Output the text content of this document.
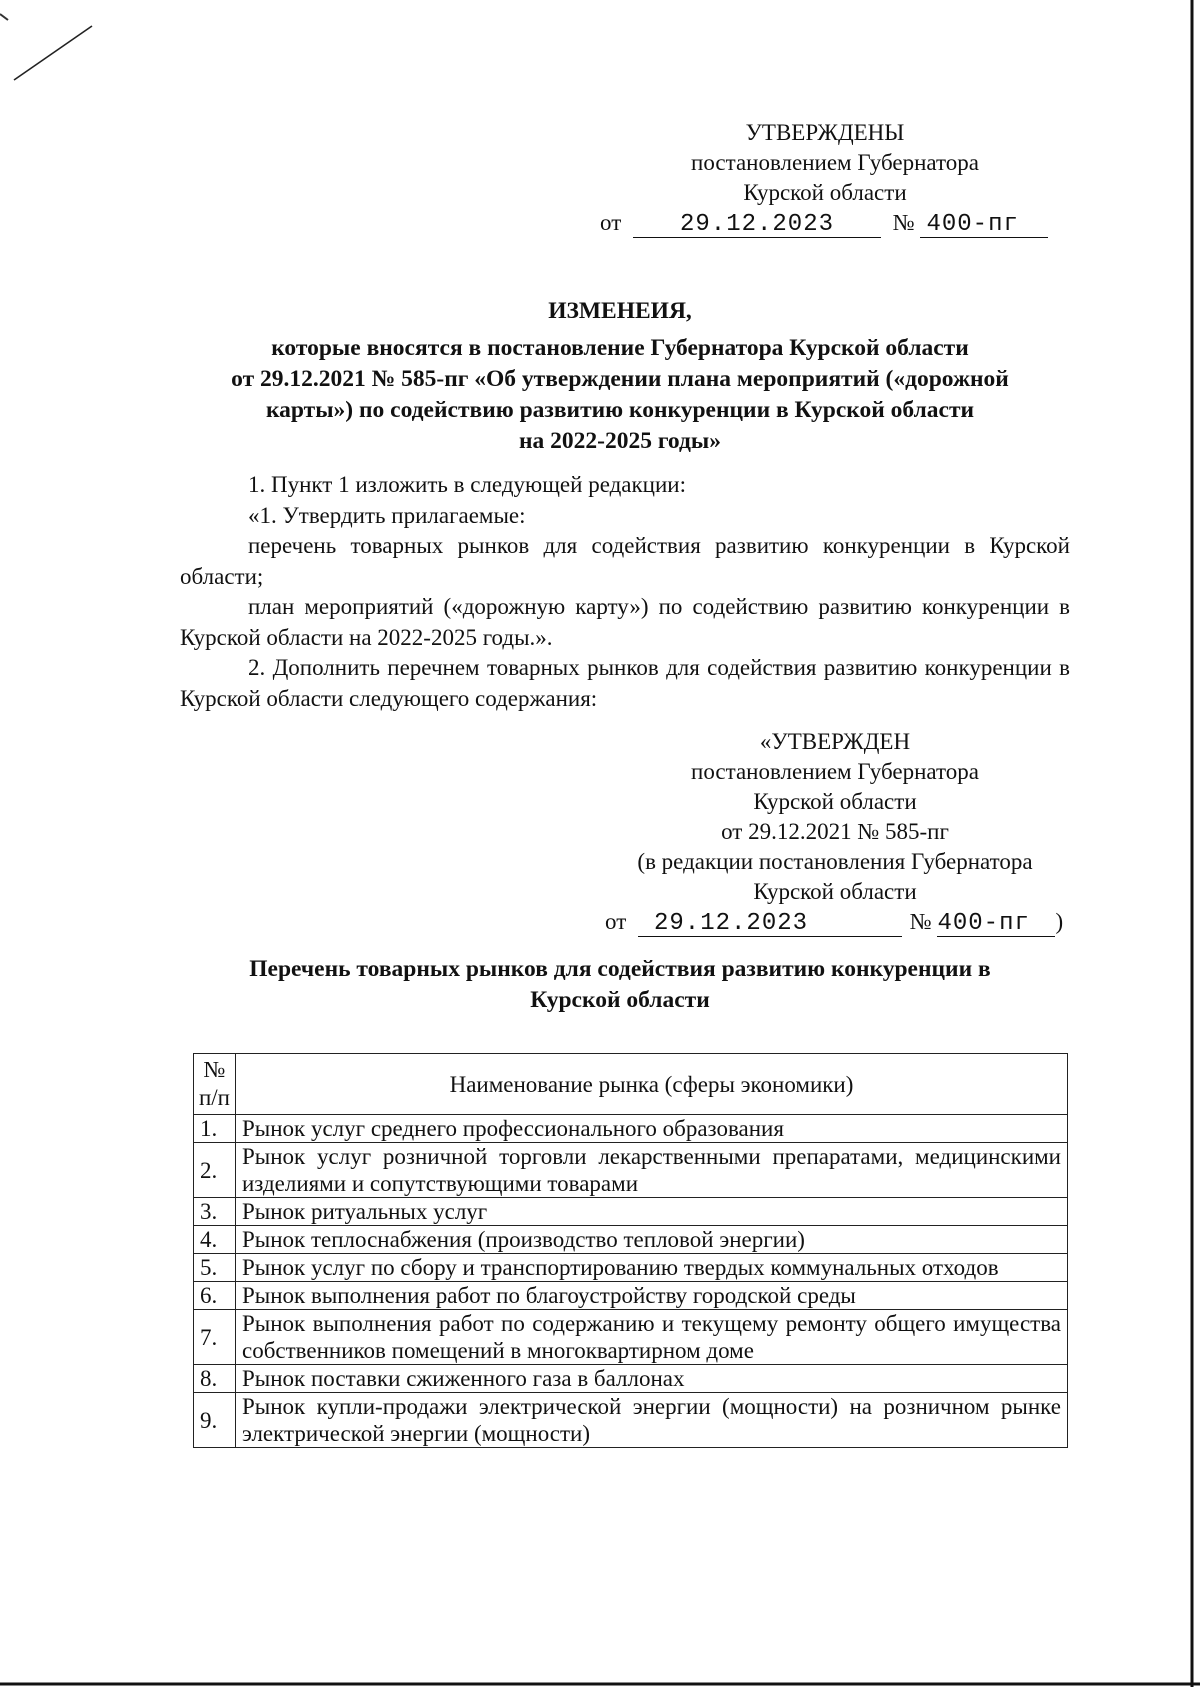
УТВЕРЖДЕНЫ
постановлением Губернатора
Курской области
от 29.12.2023	№ 400-пг
ИЗМЕНЕИЯ,
которые вносятся в постановление Губернатора Курской области
от 29.12.2021 № 585-пг «Об утверждении плана мероприятий («дорожной
карты») по содействию развитию конкуренции в Курской области
на 2022-2025 годы»

1. Пункт 1 изложить в следующей редакции:

«1. Утвердить прилагаемые:

перечень товарных рынков для содействия развитию конкуренции в Курской области;

план мероприятий («дорожную карту») по содействию развитию конкуренции в Курской области на 2022-2025 годы.».

2. Дополнить перечнем товарных рынков для содействия развитию конкуренции в Курской области следующего содержания:

«УТВЕРЖДЕН
постановлением Губернатора
Курской области
от 29.12.2021 № 585-пг
(в редакции постановления Губернатора
Курской области
от 29.12.2023	№ 400-пг )
Перечень товарных рынков для содействия развитию конкуренции в
Курской области
№ п/п	Наименование рынка (сферы экономики)
1.	Рынок услуг среднего профессионального образования
2.	Рынок услуг розничной торговли лекарственными препаратами, медицинскими изделиями и сопутствующими товарами
3.	Рынок ритуальных услуг
4.	Рынок теплоснабжения (производство тепловой энергии)
5.	Рынок услуг по сбору и транспортированию твердых коммунальных отходов
6.	Рынок выполнения работ по благоустройству городской среды
7.	Рынок выполнения работ по содержанию и текущему ремонту общего имущества собственников помещений в многоквартирном доме
8.	Рынок поставки сжиженного газа в баллонах
9.	Рынок купли-продажи электрической энергии (мощности) на розничном рынке электрической энергии (мощности)
